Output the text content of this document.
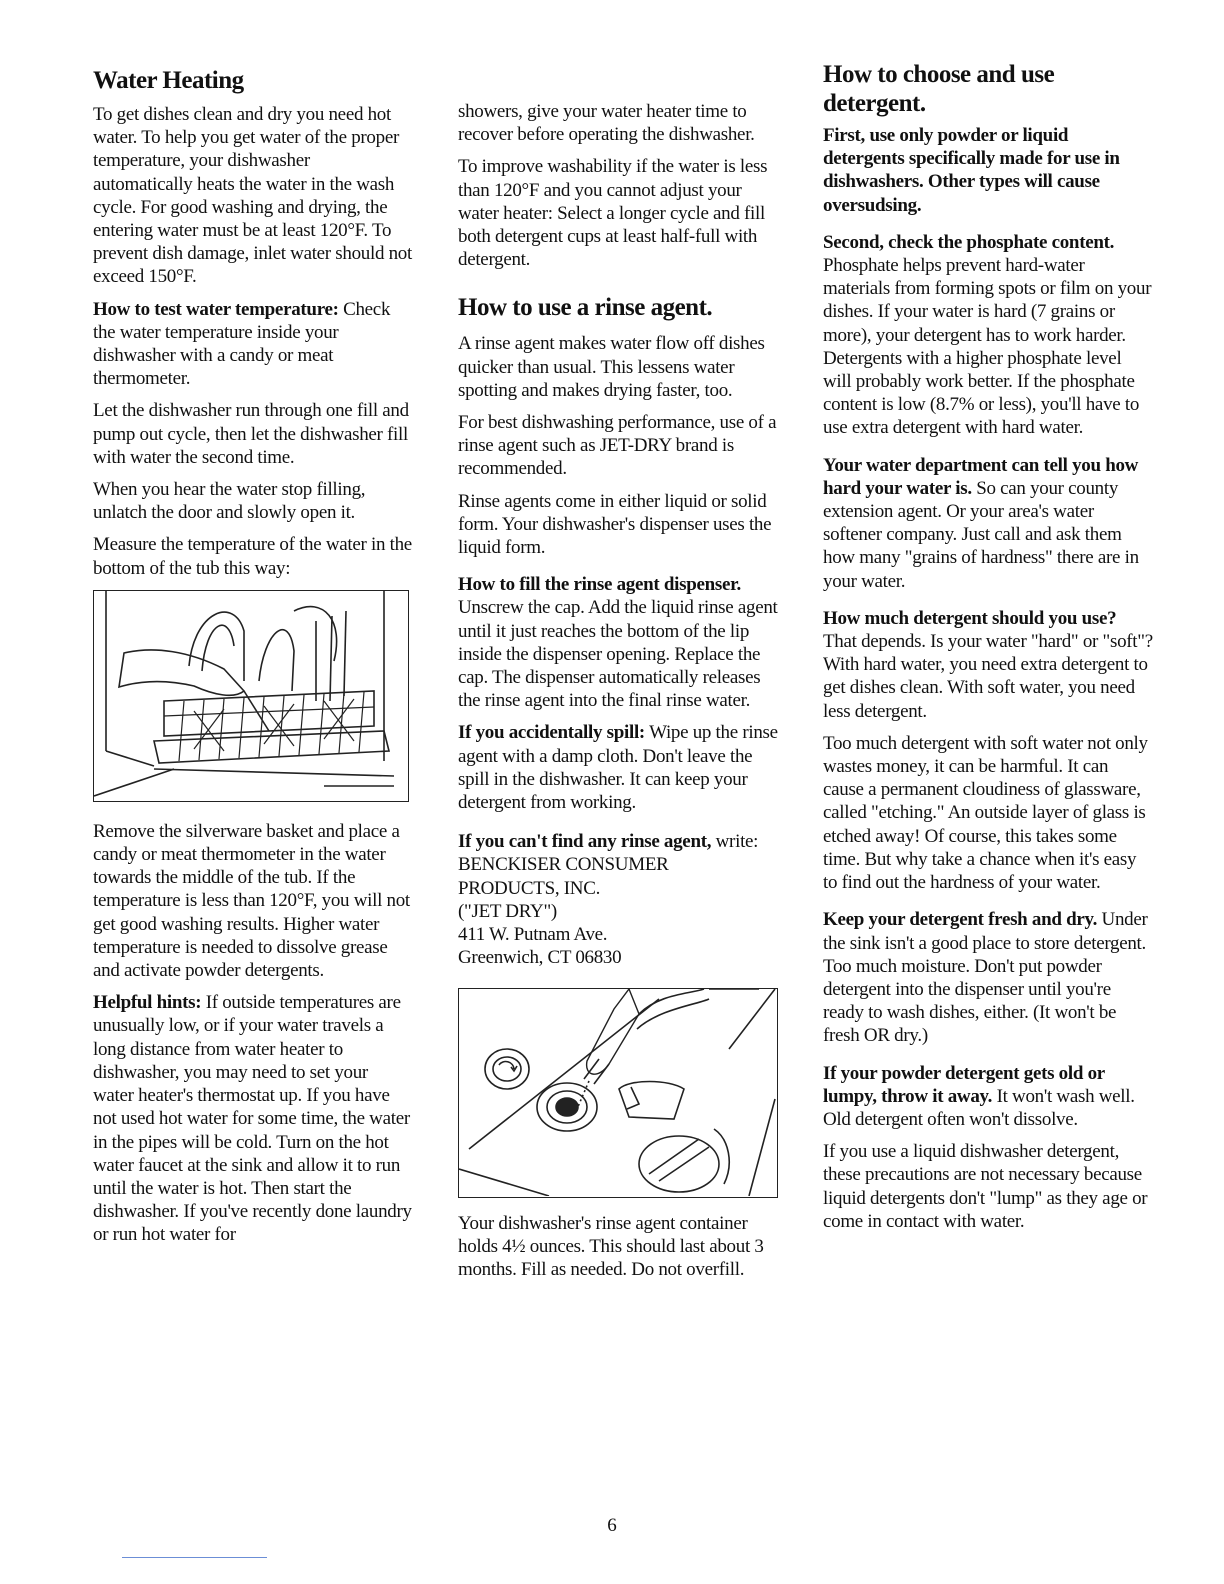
Water Heating

To get dishes clean and dry you need hot water. To help you get water of the proper temperature, your dishwasher automatically heats the water in the wash cycle. For good washing and drying, the entering water must be at least 120°F. To prevent dish damage, inlet water should not exceed 150°F.

How to test water temperature: Check the water temperature inside your dishwasher with a candy or meat thermometer.

Let the dishwasher run through one fill and pump out cycle, then let the dishwasher fill with water the second time.

When you hear the water stop filling, unlatch the door and slowly open it.

Measure the temperature of the water in the bottom of the tub this way:

Remove the silverware basket and place a candy or meat thermometer in the water towards the middle of the tub. If the temperature is less than 120°F, you will not get good washing results. Higher water temperature is needed to dissolve grease and activate powder detergents.

Helpful hints: If outside temperatures are unusually low, or if your water travels a long distance from water heater to dishwasher, you may need to set your water heater's thermostat up. If you have not used hot water for some time, the water in the pipes will be cold. Turn on the hot water faucet at the sink and allow it to run until the water is hot. Then start the dishwasher. If you've recently done laundry or run hot water for

showers, give your water heater time to recover before operating the dishwasher.

To improve washability if the water is less than 120°F and you cannot adjust your water heater: Select a longer cycle and fill both detergent cups at least half-full with detergent.

How to use a rinse agent.

A rinse agent makes water flow off dishes quicker than usual. This lessens water spotting and makes drying faster, too.

For best dishwashing performance, use of a rinse agent such as JET-DRY brand is recommended.

Rinse agents come in either liquid or solid form. Your dishwasher's dispenser uses the liquid form.

How to fill the rinse agent dispenser. Unscrew the cap. Add the liquid rinse agent until it just reaches the bottom of the lip inside the dispenser opening. Replace the cap. The dispenser automatically releases the rinse agent into the final rinse water.

If you accidentally spill: Wipe up the rinse agent with a damp cloth. Don't leave the spill in the dishwasher. It can keep your detergent from working.

If you can't find any rinse agent, write:

BENCKISER CONSUMER
PRODUCTS, INC.
("JET DRY")
411 W. Putnam Ave.
Greenwich, CT 06830

Your dishwasher's rinse agent container holds 4½ ounces. This should last about 3 months. Fill as needed. Do not overfill.

How to choose and use detergent.

First, use only powder or liquid detergents specifically made for use in dishwashers. Other types will cause oversudsing.

Second, check the phosphate content. Phosphate helps prevent hard-water materials from forming spots or film on your dishes. If your water is hard (7 grains or more), your detergent has to work harder. Detergents with a higher phosphate level will probably work better. If the phosphate content is low (8.7% or less), you'll have to use extra detergent with hard water.

Your water department can tell you how hard your water is. So can your county extension agent. Or your area's water softener company. Just call and ask them how many "grains of hardness" there are in your water.

How much detergent should you use? That depends. Is your water "hard" or "soft"? With hard water, you need extra detergent to get dishes clean. With soft water, you need less detergent.

Too much detergent with soft water not only wastes money, it can be harmful. It can cause a permanent cloudiness of glassware, called "etching." An outside layer of glass is etched away! Of course, this takes some time. But why take a chance when it's easy to find out the hardness of your water.

Keep your detergent fresh and dry. Under the sink isn't a good place to store detergent. Too much moisture. Don't put powder detergent into the dispenser until you're ready to wash dishes, either. (It won't be fresh OR dry.)

If your powder detergent gets old or lumpy, throw it away. It won't wash well. Old detergent often won't dissolve.

If you use a liquid dishwasher detergent, these precautions are not necessary because liquid detergents don't "lump" as they age or come in contact with water.

6
